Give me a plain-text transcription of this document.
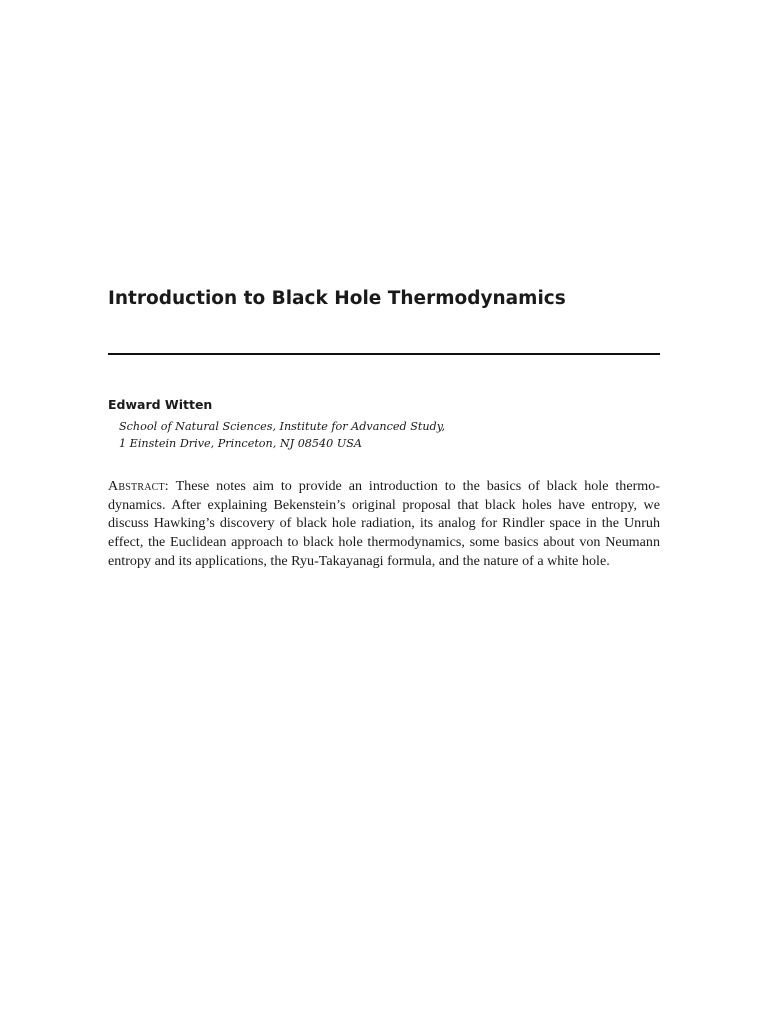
Introduction to Black Hole Thermodynamics
Edward Witten
School of Natural Sciences, Institute for Advanced Study,
1 Einstein Drive, Princeton, NJ 08540 USA

Abstract: These notes aim to provide an introduction to the basics of black hole thermodynamics. After explaining Bekenstein’s original proposal that black holes have entropy, we discuss Hawking’s discovery of black hole radiation, its analog for Rindler space in the Unruh effect, the Euclidean approach to black hole thermodynamics, some basics about von Neumann entropy and its applications, the Ryu-Takayanagi formula, and the nature of a white hole.
